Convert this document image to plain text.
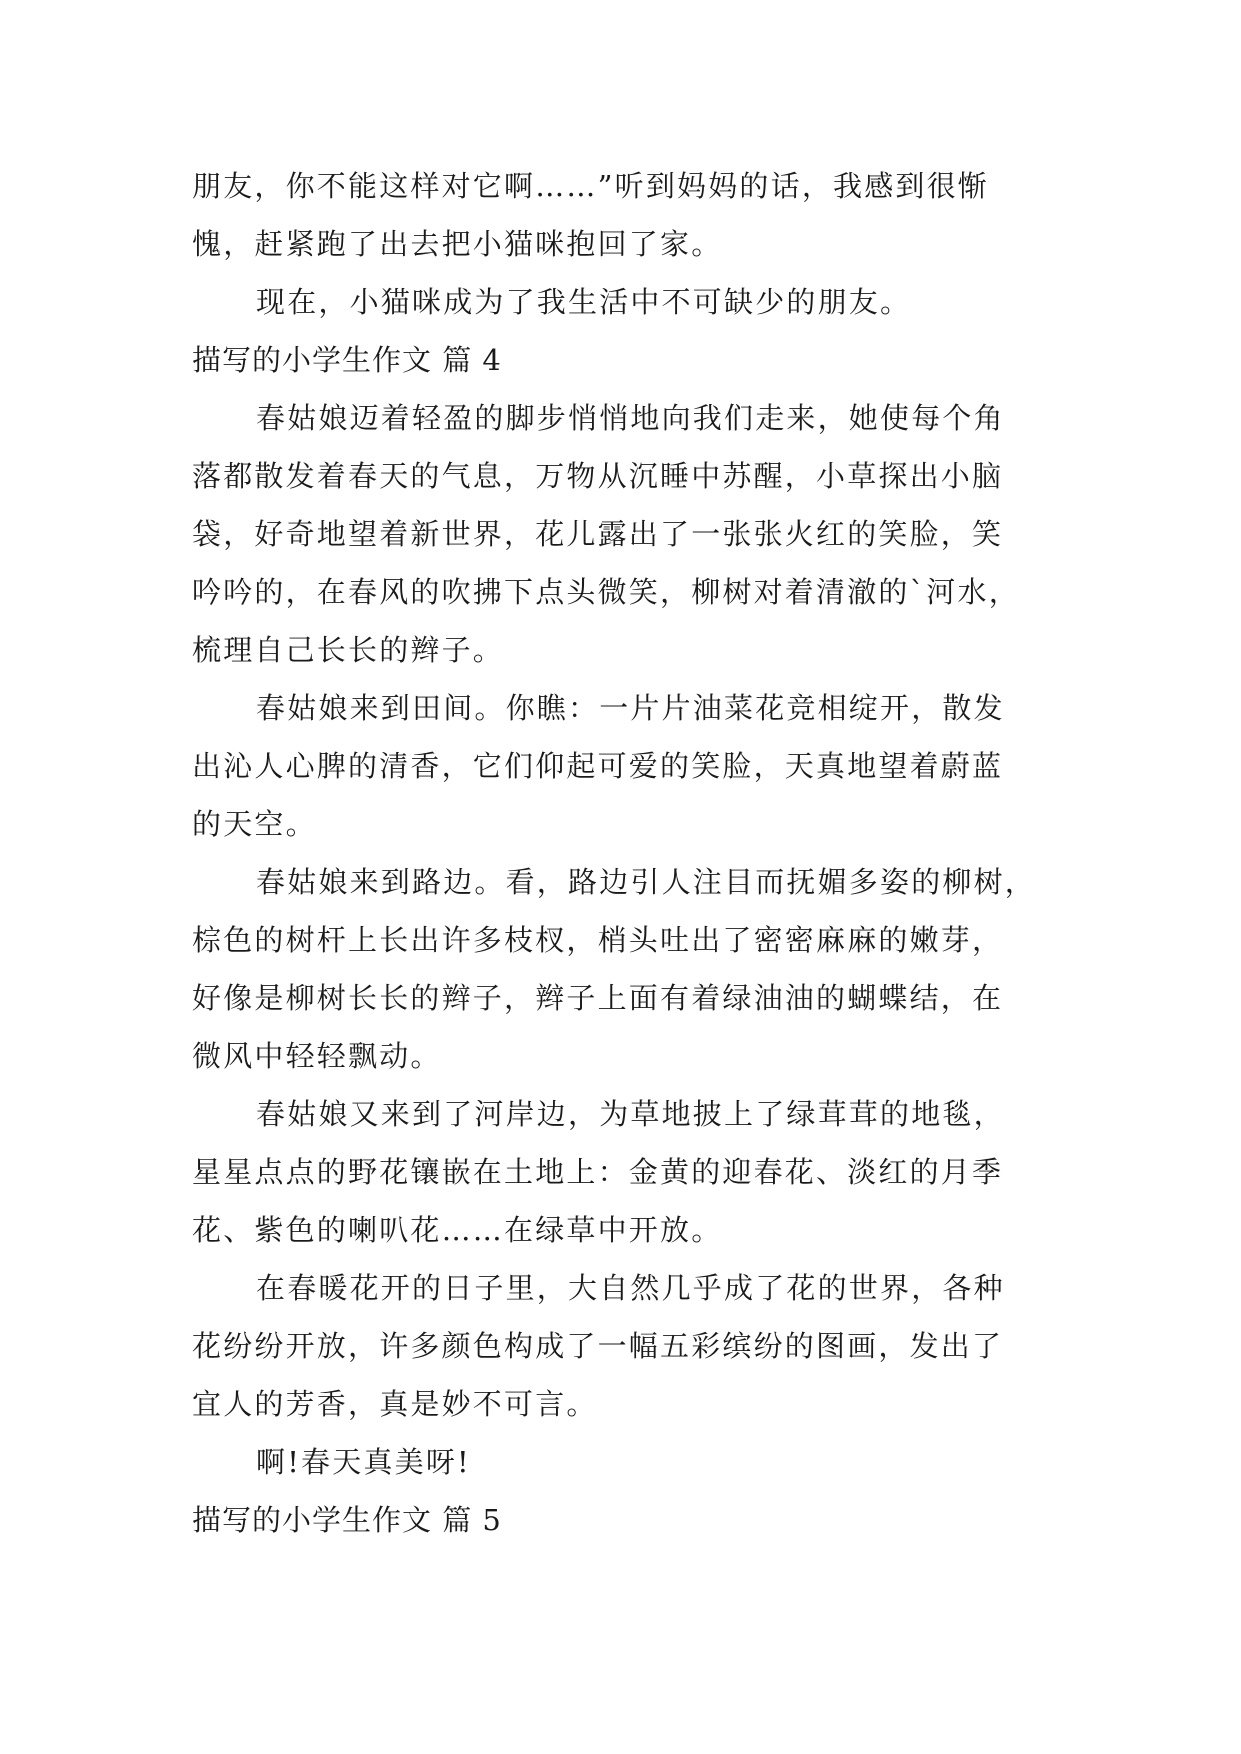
朋友，你不能这样对它啊……”听到妈妈的话，我感到很惭
愧，赶紧跑了出去把小猫咪抱回了家。
现在，小猫咪成为了我生活中不可缺少的朋友。
描写的小学生作文 篇 4
春姑娘迈着轻盈的脚步悄悄地向我们走来，她使每个角
落都散发着春天的气息，万物从沉睡中苏醒，小草探出小脑
袋，好奇地望着新世界，花儿露出了一张张火红的笑脸，笑
吟吟的，在春风的吹拂下点头微笑，柳树对着清澈的`河水，
梳理自己长长的辫子。
春姑娘来到田间。你瞧：一片片油菜花竞相绽开，散发
出沁人心脾的清香，它们仰起可爱的笑脸，天真地望着蔚蓝
的天空。
春姑娘来到路边。看，路边引人注目而抚媚多姿的柳树，
棕色的树杆上长出许多枝杈，梢头吐出了密密麻麻的嫩芽，
好像是柳树长长的辫子，辫子上面有着绿油油的蝴蝶结，在
微风中轻轻飘动。
春姑娘又来到了河岸边，为草地披上了绿茸茸的地毯，
星星点点的野花镶嵌在土地上：金黄的迎春花、淡红的月季
花、紫色的喇叭花……在绿草中开放。
在春暖花开的日子里，大自然几乎成了花的世界，各种
花纷纷开放，许多颜色构成了一幅五彩缤纷的图画，发出了
宜人的芳香，真是妙不可言。
啊!春天真美呀!
描写的小学生作文 篇 5
